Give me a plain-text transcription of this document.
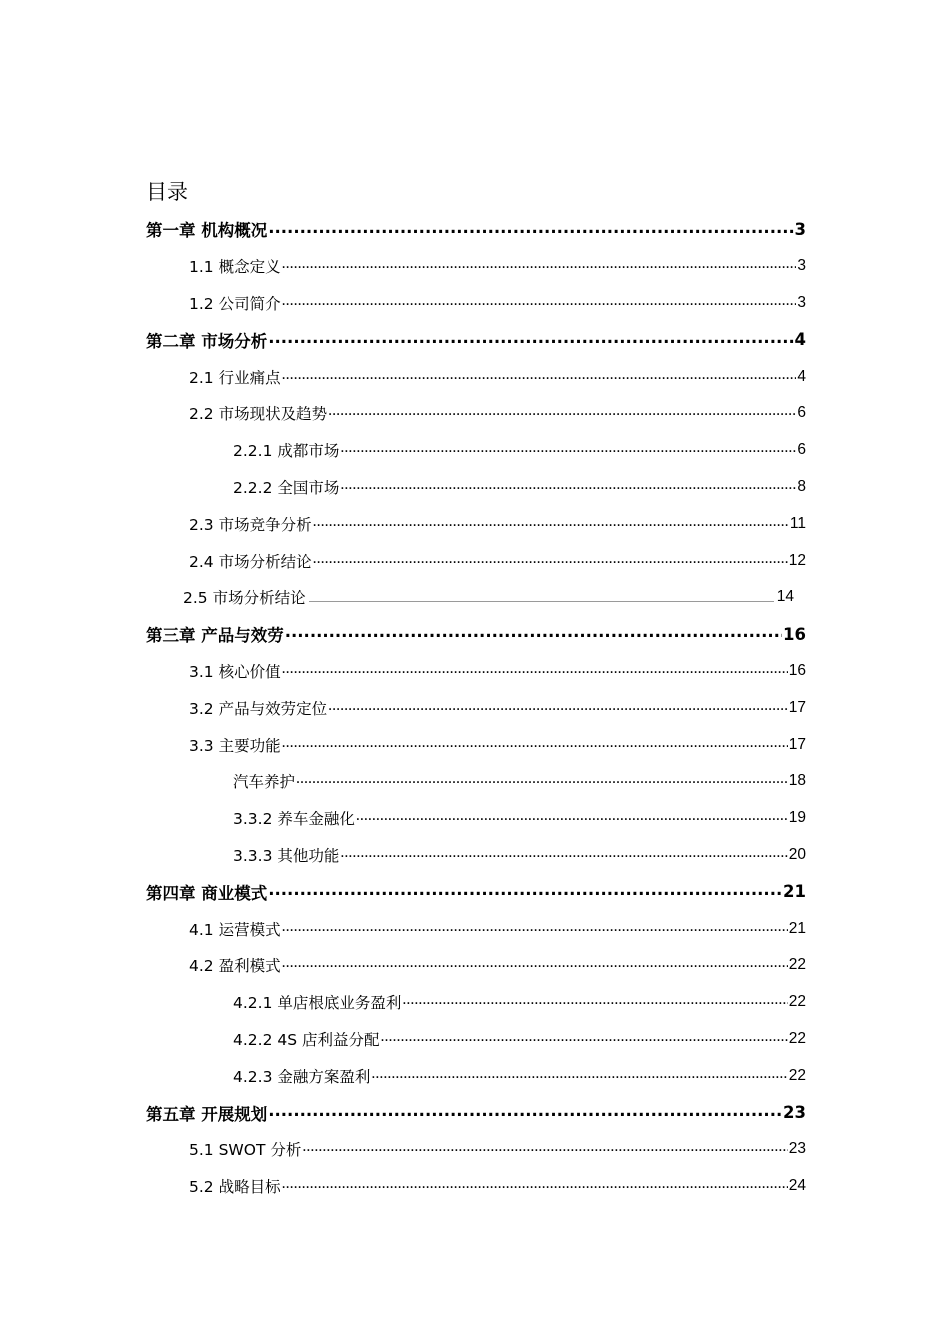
目录
第一章 机构概况 .....	3
1.1 概念定义 .....	3
1.2 公司简介 .....	3
第二章 市场分析 .....	4
2.1 行业痛点 .....	4
2.2 市场现状及趋势 .....	6
2.2.1 成都市场 .....	6
2.2.2 全国市场 .....	8
2.3 市场竞争分析 .....	11
2.4 市场分析结论 .....	12
2.5 市场分析结论	14
第三章 产品与效劳 .....	16
3.1 核心价值 .....	16
3.2 产品与效劳定位 .....	17
3.3 主要功能 .....	17
汽车养护 .....	18
3.3.2 养车金融化 .....	19
3.3.3 其他功能 .....	20
第四章 商业模式 .....	21
4.1 运营模式 .....	21
4.2 盈利模式 .....	22
4.2.1 单店根底业务盈利 .....	22
4.2.2 4S 店利益分配 .....	22
4.2.3 金融方案盈利 .....	22
第五章 开展规划 .....	23
5.1 SWOT 分析 .....	23
5.2 战略目标 .....	24
